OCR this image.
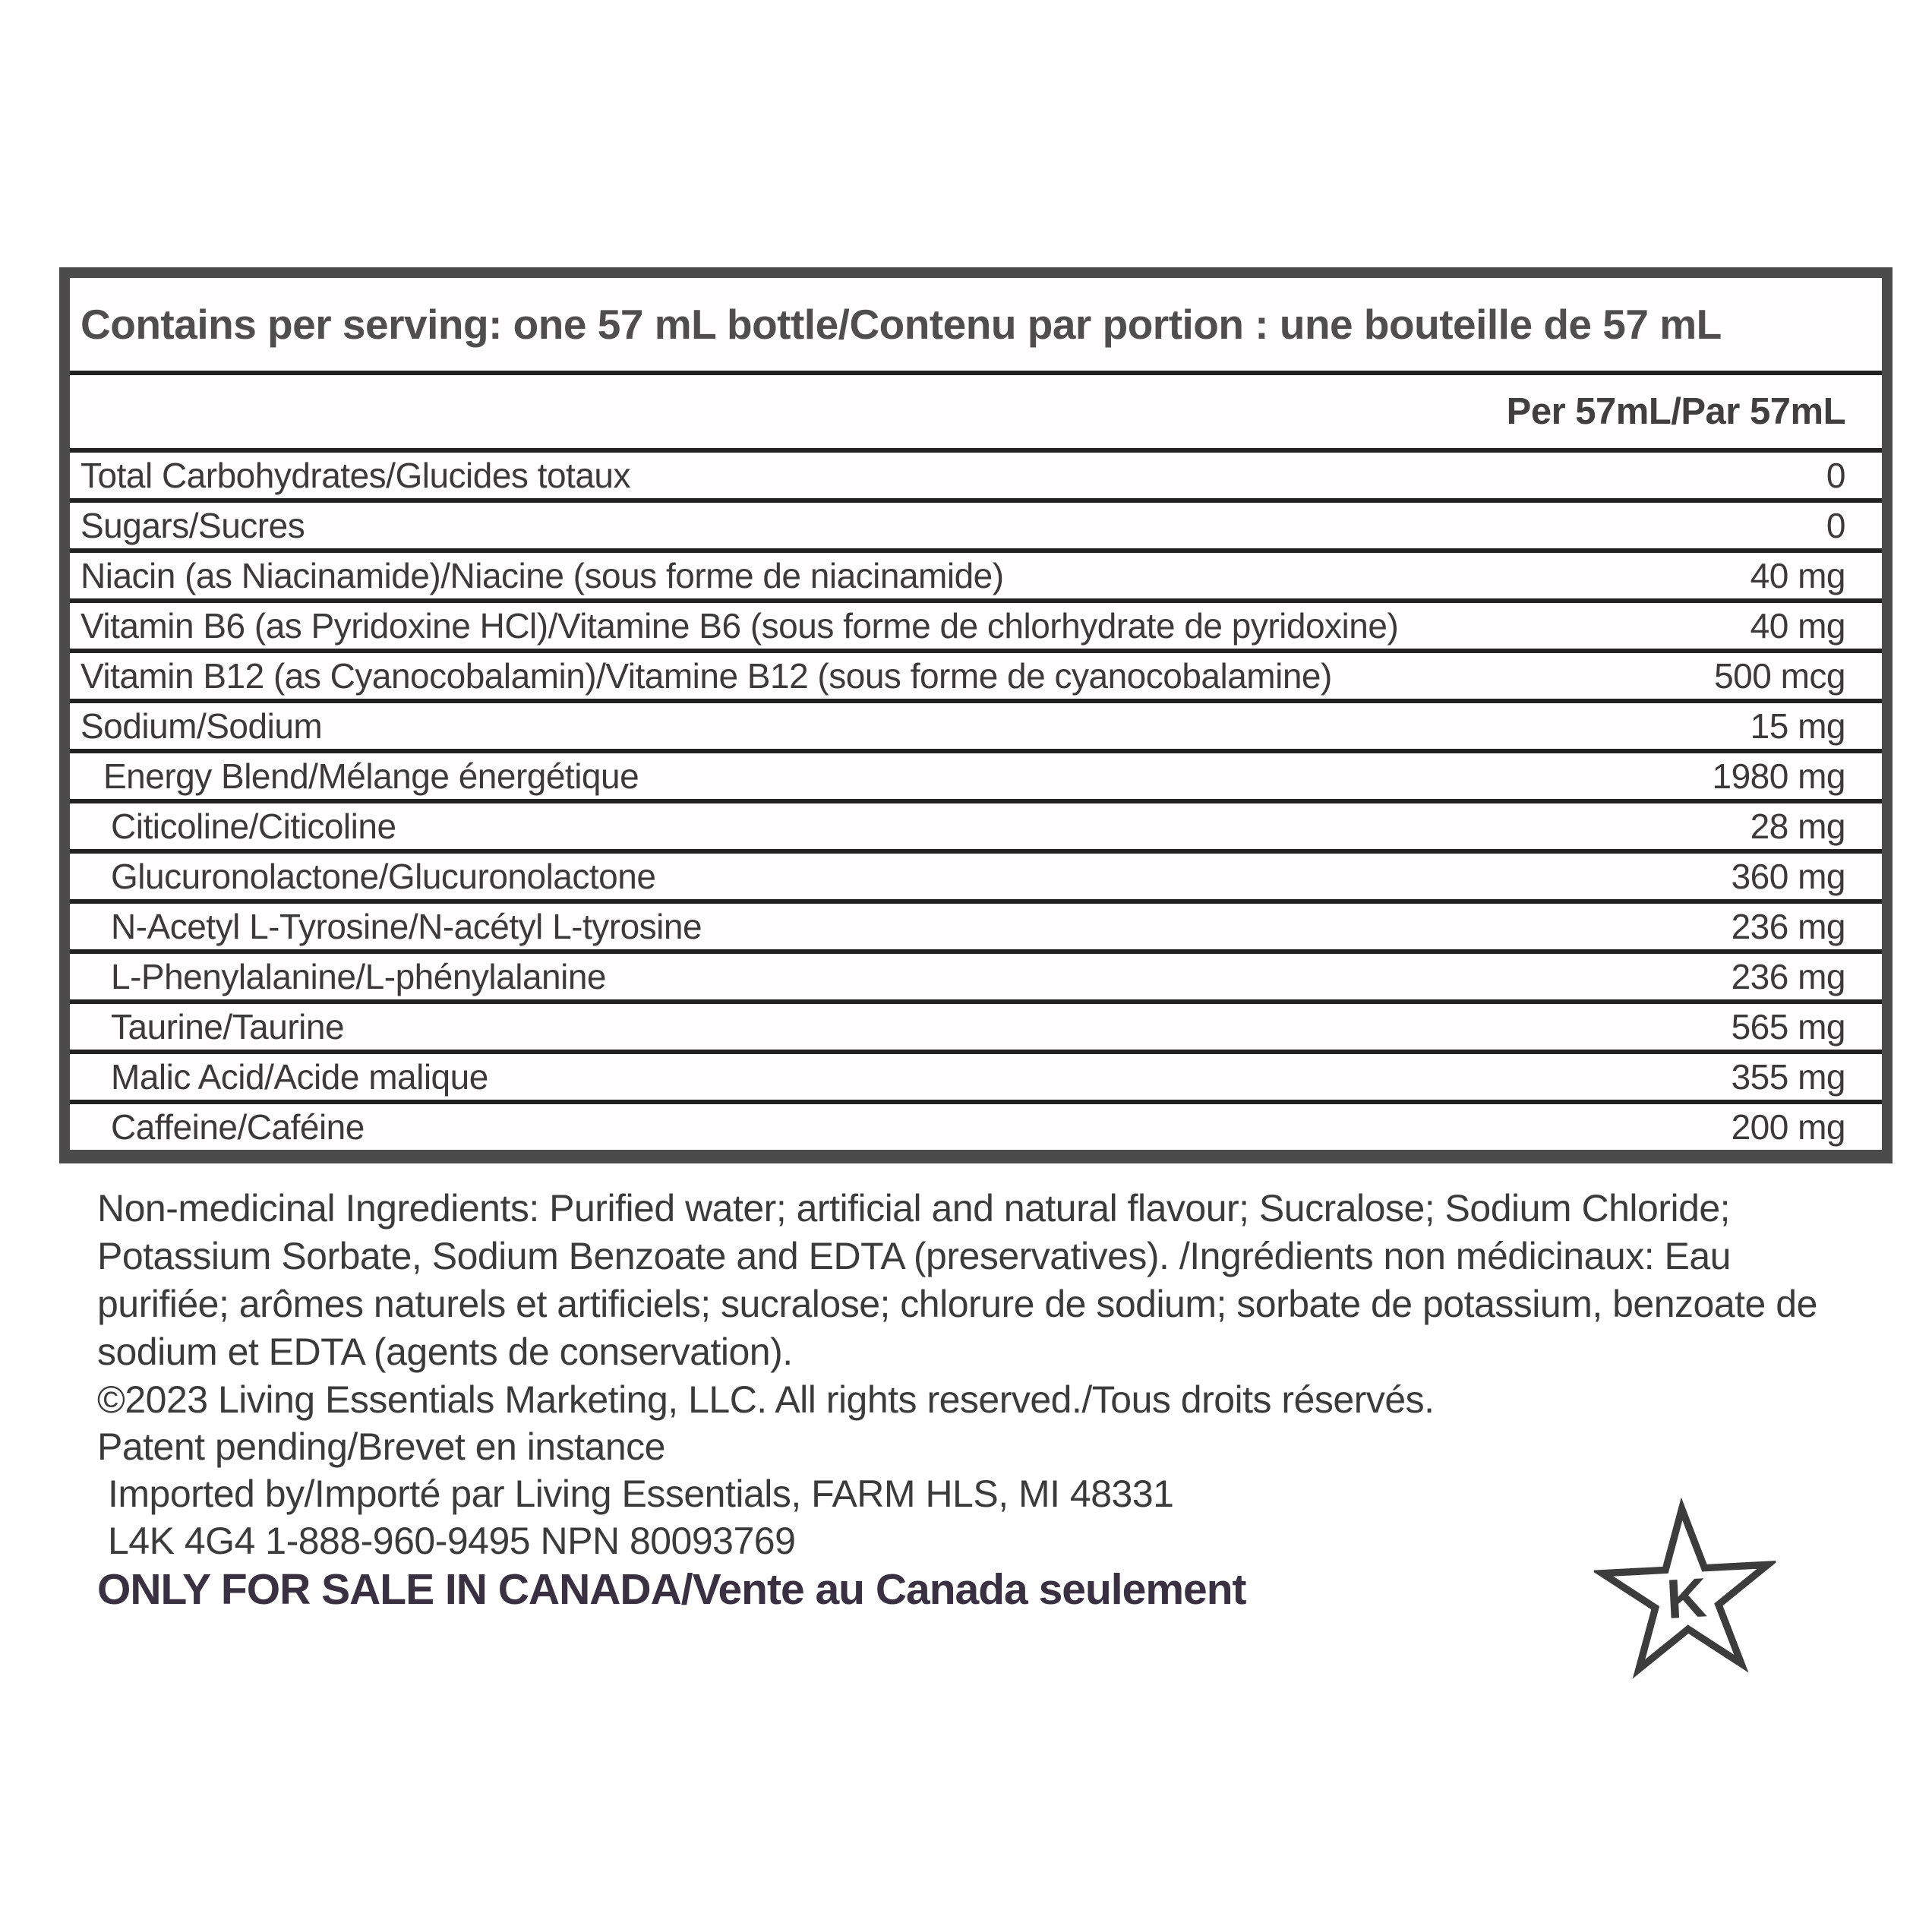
Contains per serving: one 57 mL bottle/Contenu par portion : une bouteille de 57 mL
Per 57mL/Par 57mL
Total Carbohydrates/Glucides totaux	0
Sugars/Sucres	0
Niacin (as Niacinamide)/Niacine (sous forme de niacinamide)	40 mg
Vitamin B6 (as Pyridoxine HCl)/Vitamine B6 (sous forme de chlorhydrate de pyridoxine)	40 mg
Vitamin B12 (as Cyanocobalamin)/Vitamine B12 (sous forme de cyanocobalamine)	500 mcg
Sodium/Sodium	15 mg
Energy Blend/Mélange énergétique	1980 mg
Citicoline/Citicoline	28 mg
Glucuronolactone/Glucuronolactone	360 mg
N-Acetyl L-Tyrosine/N-acétyl L-tyrosine	236 mg
L-Phenylalanine/L-phénylalanine	236 mg
Taurine/Taurine	565 mg
Malic Acid/Acide malique	355 mg
Caffeine/Caféine	200 mg

Non-medicinal Ingredients: Purified water; artificial and natural flavour; Sucralose; Sodium Chloride; Potassium Sorbate, Sodium Benzoate and EDTA (preservatives). /Ingrédients non médicinaux: Eau purifiée; arômes naturels et artificiels; sucralose; chlorure de sodium; sorbate de potassium, benzoate de sodium et EDTA (agents de conservation).

©2023 Living Essentials Marketing, LLC. All rights reserved./Tous droits réservés.

Patent pending/Brevet en instance

Imported by/Importé par Living Essentials, FARM HLS, MI 48331

L4K 4G4 1-888-960-9495 NPN 80093769

ONLY FOR SALE IN CANADA/Vente au Canada seulement	K
